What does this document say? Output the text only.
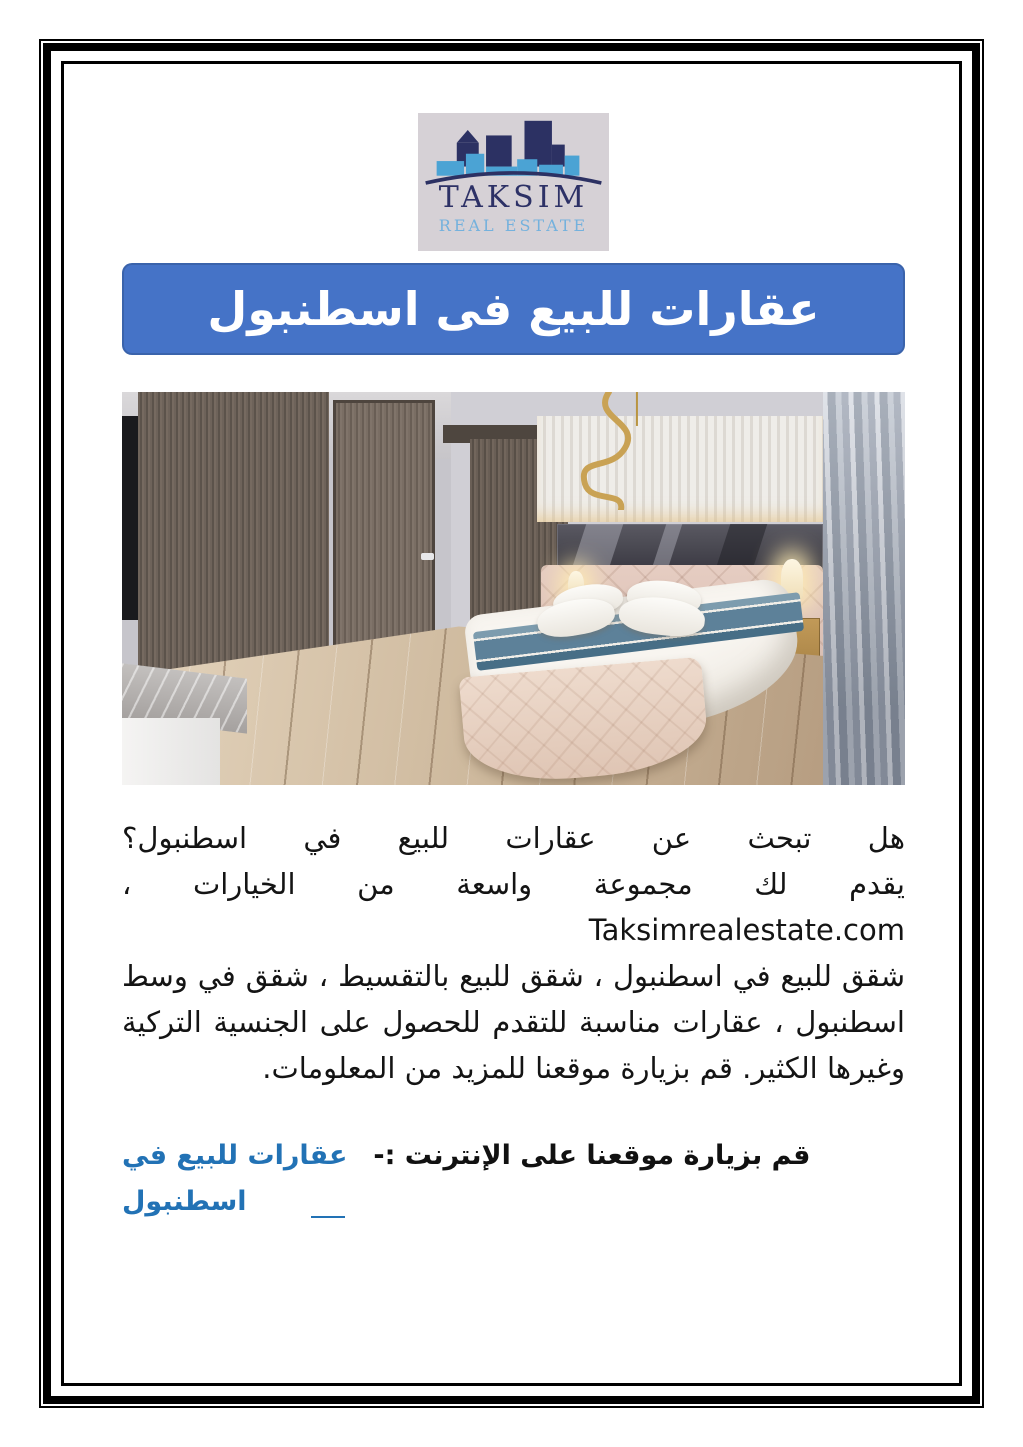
TAKSIM
REAL ESTATE
عقارات للبيع فى اسطنبول
هل تبحث عن عقارات للبيع في اسطنبول؟
يقدم لك مجموعة واسعة من الخيارات ، Taksimrealestate.com
شقق للبيع في اسطنبول ، شقق للبيع بالتقسيط ، شقق في وسط
اسطنبول ، عقارات مناسبة للتقدم للحصول على الجنسية التركية
وغيرها الكثير. قم بزيارة موقعنا للمزيد من المعلومات.
قم بزيارة موقعنا على الإنترنت :-عقارات للبيع في اسطنبول
